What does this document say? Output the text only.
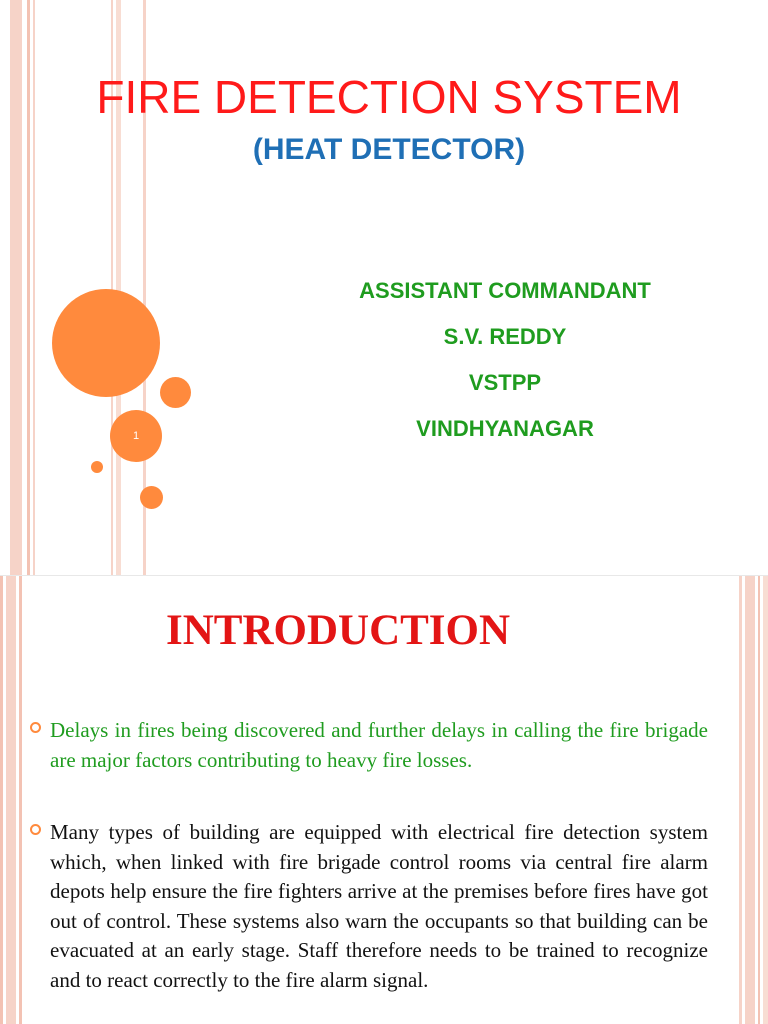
1
FIRE DETECTION SYSTEM
(HEAT DETECTOR)
ASSISTANT COMMANDANT
S.V. REDDY
VSTPP
VINDHYANAGAR
INTRODUCTION
Delays in fires being discovered and further delays in calling the fire brigade are major factors contributing to heavy fire losses.
Many types of building are equipped with electrical fire detection system which, when linked with fire brigade control rooms via central fire alarm depots help ensure the fire fighters arrive at the premises before fires have got out of control. These systems also warn the occupants so that building can be evacuated at an early stage. Staff therefore needs to be trained to recognize and to react correctly to the fire alarm signal.
